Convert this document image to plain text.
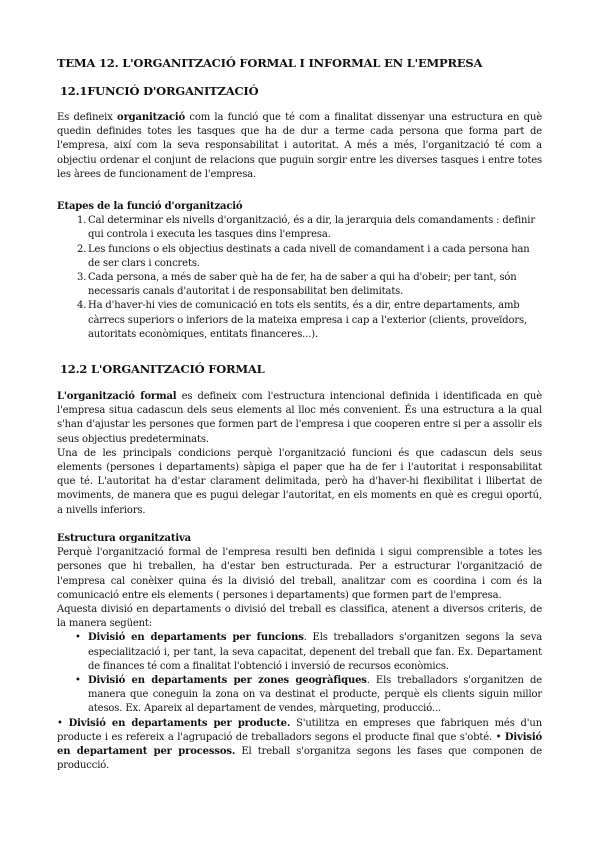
TEMA 12. L'ORGANITZACIÓ FORMAL I INFORMAL EN L'EMPRESA
12.1FUNCIÓ D'ORGANITZACIÓ

Es defineix organització com la funció que té com a finalitat dissenyar una estructura en què quedin definides totes les tasques que ha de dur a terme cada persona que forma part de l'empresa, així com la seva responsabilitat i autoritat. A més a més, l'organització té com a objectiu ordenar el conjunt de relacions que puguin sorgir entre les diverses tasques i entre totes les àrees de funcionament de l'empresa.

Etapes de la funció d'organització

1. Cal determinar els nivells d'organització, és a dir, la jerarquia dels comandaments : definir qui controla i executa les tasques dins l'empresa.
2. Les funcions o els objectius destinats a cada nivell de comandament i a cada persona han de ser clars i concrets.
3. Cada persona, a més de saber què ha de fer, ha de saber a qui ha d'obeir; per tant, són necessaris canals d'autoritat i de responsabilitat ben delimitats.
4. Ha d'haver-hi vies de comunicació en tots els sentits, és a dir, entre departaments, amb càrrecs superiors o inferiors de la mateixa empresa i cap a l'exterior (clients, proveïdors, autoritats econòmiques, entitats financeres...).
12.2 L'ORGANITZACIÓ FORMAL

L'organització formal es defineix com l'estructura intencional definida i identificada en què l'empresa situa cadascun dels seus elements al lloc més convenient. És una estructura a la qual s'han d'ajustar les persones que formen part de l'empresa i que cooperen entre si per a assolir els seus objectius predeterminats.

Una de les principals condicions perquè l'organització funcioni és que cadascun dels seus elements (persones i departaments) sàpiga el paper que ha de fer i l'autoritat i responsabilitat que té. L'autoritat ha d'estar clarament delimitada, però ha d'haver-hi flexibilitat i llibertat de moviments, de manera que es pugui delegar l'autoritat, en els moments en què es cregui oportú, a nivells inferiors.

Estructura organitzativa

Perquè l'organització formal de l'empresa resulti ben definida i sigui comprensible a totes les persones que hi treballen, ha d'estar ben estructurada. Per a estructurar l'organització de l'empresa cal conèixer quina és la divisió del treball, analitzar com es coordina i com és la comunicació entre els elements ( persones i departaments) que formen part de l'empresa.

Aquesta divisió en departaments o divisió del treball es classifica, atenent a diversos criteris, de la manera següent:

• Divisió en departaments per funcions. Els treballadors s'organitzen segons la seva especialització i, per tant, la seva capacitat, depenent del treball que fan. Ex. Departament de finances té com a finalitat l'obtenció i inversió de recursos econòmics.
• Divisió en departaments per zones geogràfiques. Els treballadors s'organitzen de manera que coneguin la zona on va destinat el producte, perquè els clients siguin millor atesos. Ex. Apareix al departament de vendes, màrqueting, producció...

• Divisió en departaments per producte. S'utilitza en empreses que fabriquen més d'un producte i es refereix a l'agrupació de treballadors segons el producte final que s'obté. • Divisió en departament per processos. El treball s'organitza segons les fases que componen de producció.
